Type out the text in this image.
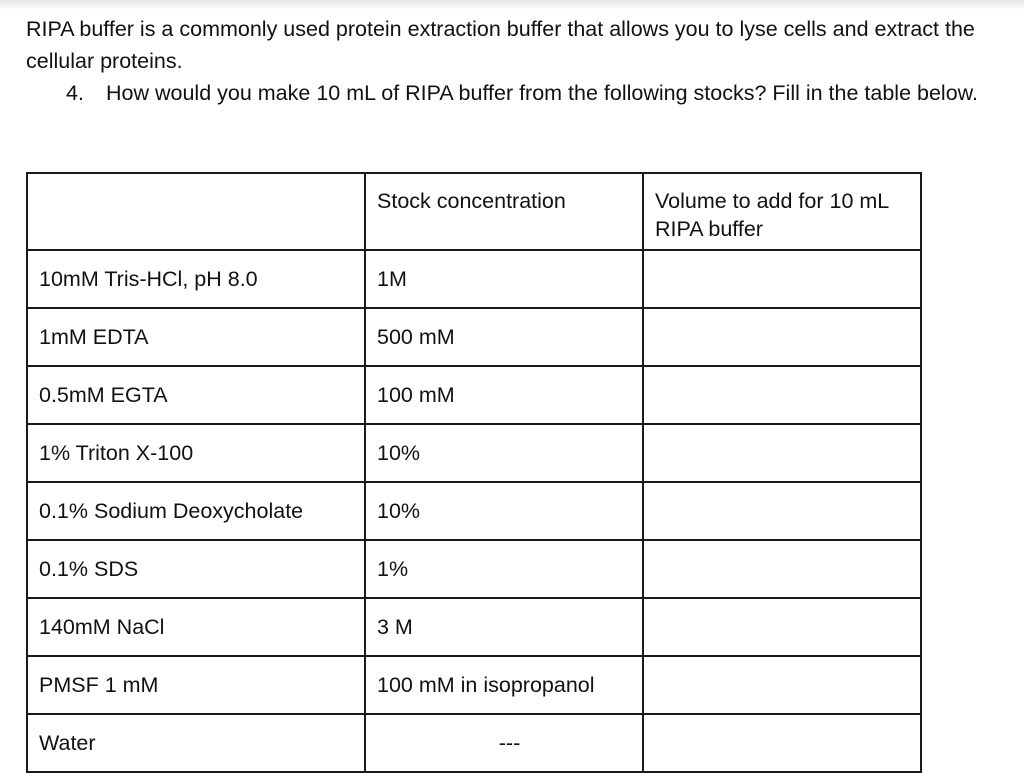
RIPA buffer is a commonly used protein extraction buffer that allows you to lyse cells and extract the cellular proteins.

4.	How would you make 10 mL of RIPA buffer from the following stocks? Fill in the table below.
	Stock concentration	Volume to add for 10 mL RIPA buffer
10mM Tris-HCl, pH 8.0	1M	
1mM EDTA	500 mM	
0.5mM EGTA	100 mM	
1% Triton X-100	10%	
0.1% Sodium Deoxycholate	10%	
0.1% SDS	1%	
140mM NaCl	3 M	
PMSF 1 mM	100 mM in isopropanol	
Water	---	
